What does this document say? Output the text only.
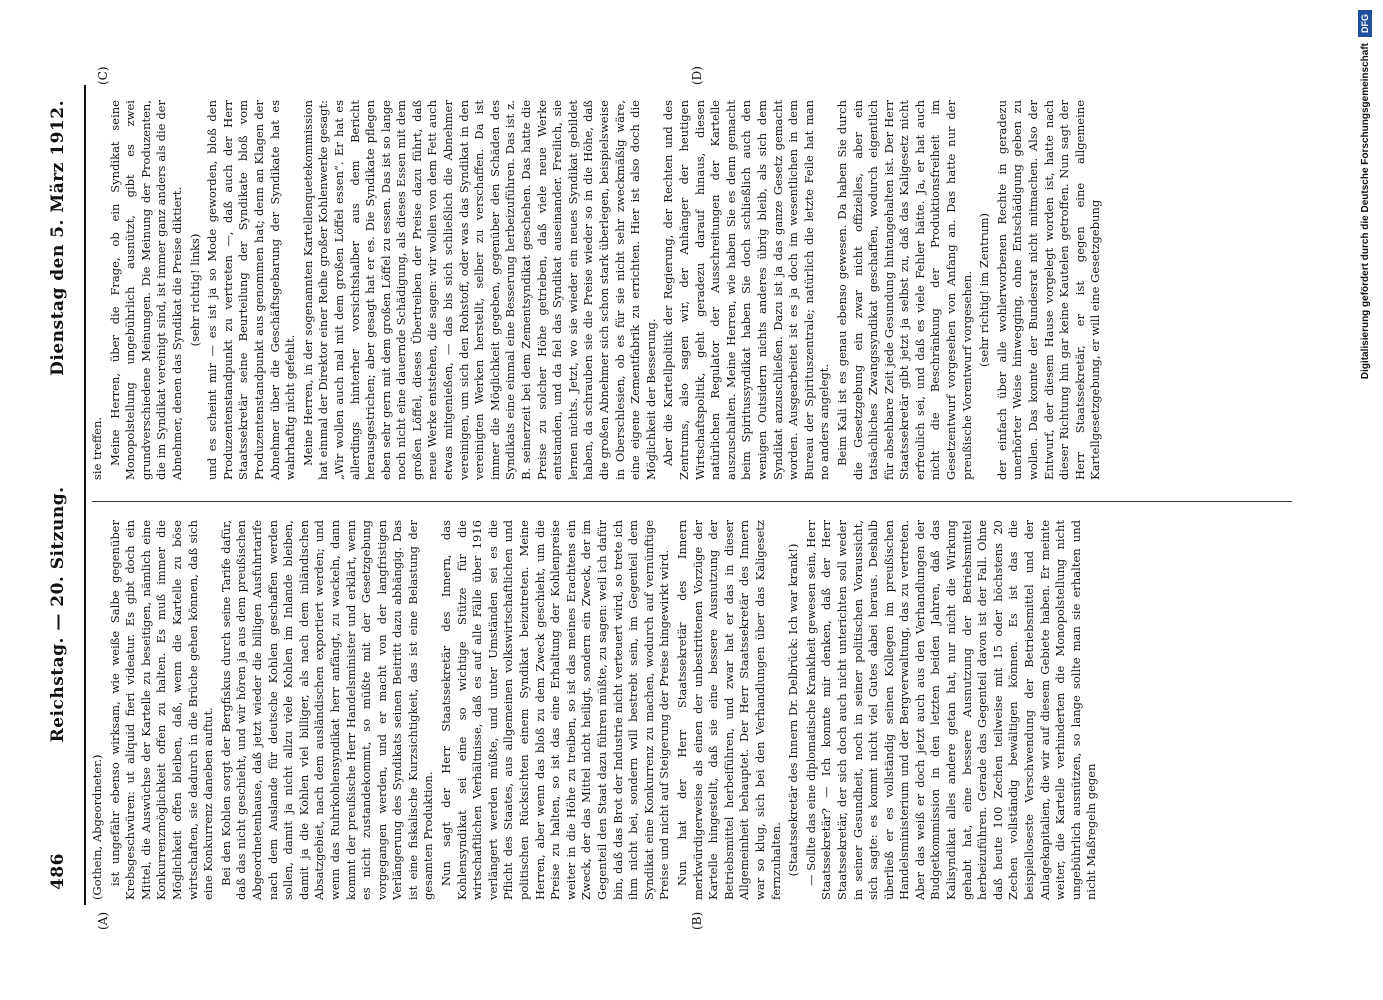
486
Reichstag. — 20. Sitzung.
Dienstag den 5. März 1912.
(A)	(B)
(C)	(D)

(Gothein, Abgeordneter.) ist ungefähr ebenso wirksam, wie weiße Salbe gegenüber Krebsgeschwüren: ut aliquid fieri videatur. Es gibt doch ein Mittel, die Auswüchse der Kartelle zu beseitigen, nämlich eine Konkurrenzmöglichkeit offen zu halten. Es muß immer die Möglichkeit offen bleiben, daß, wenn die Kartelle zu böse wirtschaften, sie dadurch in die Brüche gehen können, daß sich eine Konkurrenz daneben auftut. Bei den Kohlen sorgt der Bergfiskus durch seine Tarife dafür, daß das nicht geschieht, und wir hören ja aus dem preußischen Abgeordnetenhause, daß jetzt wieder die billigen Ausfuhrtarife nach dem Auslande für deutsche Kohlen geschaffen werden sollen, damit ja nicht allzu viele Kohlen im Inlande bleiben, damit ja die Kohlen viel billiger, als nach dem inländischen Absatzgebiet, nach dem ausländischen exportiert werden; und wenn das Ruhrkohlensyndikat herr anfängt, zu wackeln, dann kommt der preußische Herr Handelsminister und erklärt, wenn es nicht zustandekommt, so müßte mit der Gesetzgebung vorgegangen werden, und er macht von der langfristigen Verlängerung des Syndikats seinen Beitritt dazu abhängig. Das ist eine fiskalische Kurzsichtigkeit, das ist eine Belastung der gesamten Produktion. Nun sagt der Herr Staatssekretär des Innern, das Kohlensyndikat sei eine so wichtige Stütze für die wirtschaftlichen Verhältnisse, daß es auf alle Fälle über 1916 verlängert werden müßte, und unter Umständen sei es die Pflicht des Staates, aus allgemeinen volkswirtschaftlichen und politischen Rücksichten einem Syndikat beizutreten. Meine Herren, aber wenn das bloß zu dem Zweck geschieht, um die Preise zu halten, so ist das eine Erhaltung der Kohlenpreise weiter in die Höhe zu treiben, so ist das meines Erachtens ein Zweck, der das Mittel nicht heiligt, sondern ein Zweck, der im Gegenteil den Staat dazu führen müßte, zu sagen: weil ich dafür bin, daß das Brot der Industrie nicht verteuert wird, so trete ich ihm nicht bei, sondern will bestrebt sein, im Gegenteil dem Syndikat eine Konkurrenz zu machen, wodurch auf vernünftige Preise und nicht auf Steigerung der Preise hingewirkt wird. Nun hat der Herr Staatssekretär des Innern merkwürdigerweise als einen der unbestrittenen Vorzüge der Kartelle hingestellt, daß sie eine bessere Ausnutzung der Betriebsmittel herbeiführen, und zwar hat er das in dieser Allgemeinheit behauptet. Der Herr Staatssekretär des Innern war so klug, sich bei den Verhandlungen über das Kaligesetz fernzuhalten. (Staatssekretär des Innern Dr. Delbrück: Ich war krank!) — Sollte das eine diplomatische Krankheit gewesen sein, Herr Staatssekretär? — Ich konnte mir denken, daß der Herr Staatssekretär, der sich doch auch nicht unterichten soll weder in seiner Gesundheit, noch in seiner politischen Voraussicht, sich sagte: es kommt nicht viel Gutes dabei heraus. Deshalb überließ er es vollständig seinen Kollegen im preußischen Handelsministerium und der Bergverwaltung, das zu vertreten. Aber das weiß er doch jetzt auch aus den Verhandlungen der Budgetkommission in den letzten beiden Jahren, daß das Kalisyndikat alles andere getan hat, nur nicht die Wirkung gehabt hat, eine bessere Ausnutzung der Betriebsmittel herbeizuführen. Gerade das Gegenteil davon ist der Fall. Ohne daß heute 100 Zechen teilweise mit 15 oder höchstens 20 Zechen vollständig bewältigen können. Es ist das die beispielloseste Verschwendung der Betriebsmittel und der Anlagekapitalien, die wir auf diesem Gebiete haben. Er meinte weiter, die Kartelle verhinderten die Monopolstellung nicht ungebührlich ausnützen, so lange sollte man sie erhalten und nicht Maßregeln gegen

sie treffen. Meine Herren, über die Frage, ob ein Syndikat seine Monopolstellung ungebührlich ausnützt, gibt es zwei grundverschiedene Meinungen. Die Meinung der Produzenten, die im Syndikat vereinigt sind, ist immer ganz anders als die der Abnehmer, denen das Syndikat die Preise diktiert. (sehr richtig! links) und es scheint mir — es ist ja so Mode geworden, bloß den Produzentenstandpunkt zu vertreten —, daß auch der Herr Staatssekretär seine Beurteilung der Syndikate bloß vom Produzentenstandpunkt aus genommen hat; denn an Klagen der Abnehmer über die Geschäftsgebarung der Syndikate hat es wahrhaftig nicht gefehlt. Meine Herren, in der sogenannten Kartellenquetekommission hat einmal der Direktor einer Reihe großer Kohlenwerke gesagt: „Wir wollen auch mal mit dem großen Löffel essen“. Er hat es allerdings hinterher vorsichtshalber aus dem Bericht herausgestrichen; aber gesagt hat er es. Die Syndikate pflegen eben sehr gern mit dem großen Löffel zu essen. Das ist so lange noch nicht eine dauernde Schädigung, als dieses Essen mit dem großen Löffel, dieses Übertreiben der Preise dazu führt, daß neue Werke entstehen, die sagen: wir wollen von dem Fett auch etwas mitgenießen, — das bis sich schließlich die Abnehmer vereinigen, um sich den Rohstoff, oder was das Syndikat in den vereinigten Werken herstellt, selber zu verschaffen. Da ist immer die Möglichkeit gegeben, gegenüber den Schäden des Syndikats eine einmal eine Besserung herbeizuführen. Das ist z. B. seinerzeit bei dem Zementsyndikat geschehen. Das hatte die Preise zu solcher Höhe getrieben, daß viele neue Werke entstanden, und da fiel das Syndikat auseinander. Freilich, sie lernen nichts. Jetzt, wo sie wieder ein neues Syndikat gebildet haben, da schrauben sie die Preise wieder so in die Höhe, daß die großen Abnehmer sich schon stark überlegen, beispielsweise in Oberschlesien, ob es für sie nicht sehr zweckmäßig wäre, eine eigene Zementfabrik zu errichten. Hier ist also doch die Möglichkeit der Besserung. Aber die Kartellpolitik der Regierung, der Rechten und des Zentrums, also sagen wir, der Anhänger der heutigen Wirtschaftspolitik, geht geradezu darauf hinaus, diesen natürlichen Regulator der Ausschreitungen der Kartelle auszuschalten. Meine Herren, wie haben Sie es denn gemacht beim Spiritussyndikat haben Sie doch schließlich auch den wenigen Outsidern nichts anderes übrig bleib, als sich dem Syndikat anzuschließen. Dazu ist ja das ganze Gesetz gemacht worden. Ausgearbeitet ist es ja doch im wesentlichen in dem Bureau der Spirituszentrale; natürlich die letzte Feile hat man no anders angelegt. Beim Kali ist es genau ebenso gewesen. Da haben Sie durch die Gesetzgebung ein zwar nicht offizielles, aber ein tatsächliches Zwangssyndikat geschaffen, wodurch eigentlich für absehbare Zeit jede Gesundung hintangehalten ist. Der Herr Staatssekretär gibt jetzt ja selbst zu, daß das Kaligesetz nicht erfreulich sei, und daß es viele Fehler hätte. Ja, er hat auch nicht die Beschränkung der Produktionsfreiheit im Gesetzentwurf vorgesehen von Anfang an. Das hatte nur der preußische Vorentwurf vorgesehen. (sehr richtig! im Zentrum) der einfach über alle wohlerworbenen Rechte in geradezu unerhörter Weise hinwegging, ohne Entschädigung geben zu wollen. Das konnte der Bundesrat nicht mitmachen. Also der Entwurf, der diesem Hause vorgelegt worden ist, hatte nach dieser Richtung hin gar keine Kautelen getroffen. Nun sagt der Herr Staatssekretär, er ist gegen eine allgemeine Kartellgesetzgebung, er will eine Gesetzgebung	Digitalisierung gefördert durch die Deutsche Forschungsgemeinschaft
DFG
